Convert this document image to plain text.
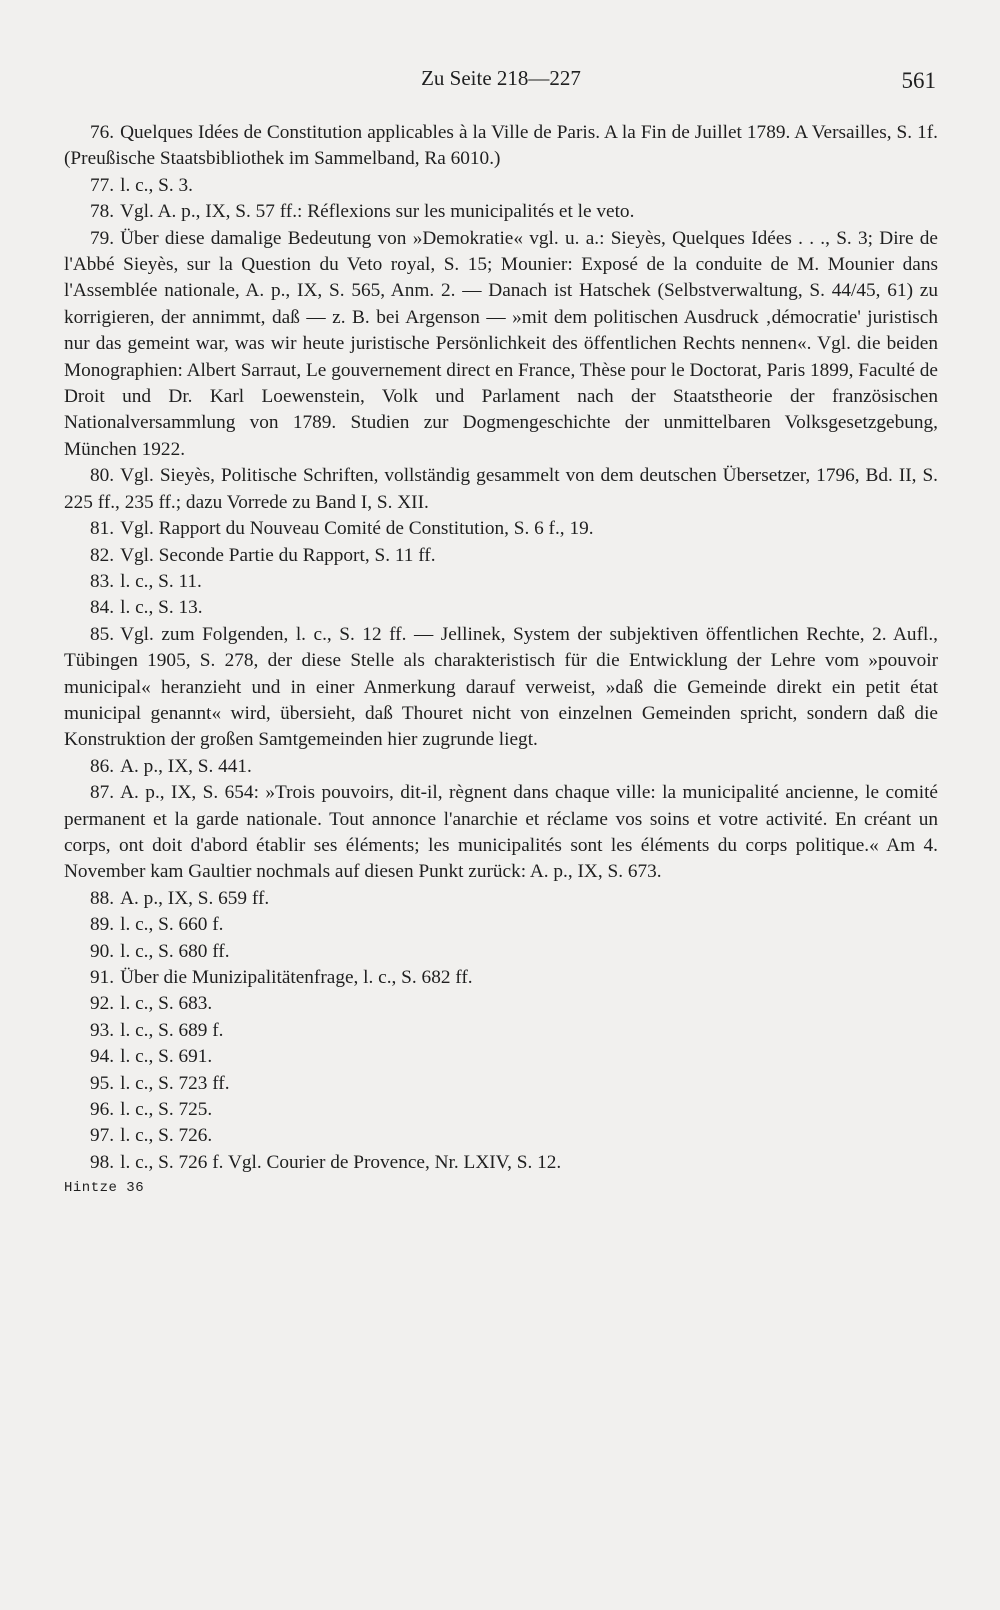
Zu Seite 218—227	561

76. Quelques Idées de Constitution applicables à la Ville de Paris. A la Fin de Juillet 1789. A Versailles, S. 1f. (Preußische Staatsbibliothek im Sammelband, Ra 6010.)

77. l. c., S. 3.

78. Vgl. A. p., IX, S. 57 ff.: Réflexions sur les municipalités et le veto.

79. Über diese damalige Bedeutung von »Demokratie« vgl. u. a.: Sieyès, Quelques Idées . . ., S. 3; Dire de l'Abbé Sieyès, sur la Question du Veto royal, S. 15; Mounier: Exposé de la conduite de M. Mounier dans l'Assemblée nationale, A. p., IX, S. 565, Anm. 2. — Danach ist Hatschek (Selbstverwaltung, S. 44/45, 61) zu korrigieren, der annimmt, daß — z. B. bei Argenson — »mit dem politischen Ausdruck ‚démocratie' juristisch nur das gemeint war, was wir heute juristische Persönlichkeit des öffentlichen Rechts nennen«. Vgl. die beiden Monographien: Albert Sarraut, Le gouvernement direct en France, Thèse pour le Doctorat, Paris 1899, Faculté de Droit und Dr. Karl Loewenstein, Volk und Parlament nach der Staatstheorie der französischen Nationalversammlung von 1789. Studien zur Dogmengeschichte der unmittelbaren Volksgesetzgebung, München 1922.

80. Vgl. Sieyès, Politische Schriften, vollständig gesammelt von dem deutschen Übersetzer, 1796, Bd. II, S. 225 ff., 235 ff.; dazu Vorrede zu Band I, S. XII.

81. Vgl. Rapport du Nouveau Comité de Constitution, S. 6 f., 19.

82. Vgl. Seconde Partie du Rapport, S. 11 ff.

83. l. c., S. 11.

84. l. c., S. 13.

85. Vgl. zum Folgenden, l. c., S. 12 ff. — Jellinek, System der subjektiven öffentlichen Rechte, 2. Aufl., Tübingen 1905, S. 278, der diese Stelle als charakteristisch für die Entwicklung der Lehre vom »pouvoir municipal« heranzieht und in einer Anmerkung darauf verweist, »daß die Gemeinde direkt ein petit état municipal genannt« wird, übersieht, daß Thouret nicht von einzelnen Gemeinden spricht, sondern daß die Konstruktion der großen Samtgemeinden hier zugrunde liegt.

86. A. p., IX, S. 441.

87. A. p., IX, S. 654: »Trois pouvoirs, dit-il, règnent dans chaque ville: la municipalité ancienne, le comité permanent et la garde nationale. Tout annonce l'anarchie et réclame vos soins et votre activité. En créant un corps, ont doit d'abord établir ses éléments; les municipalités sont les éléments du corps politique.« Am 4. November kam Gaultier nochmals auf diesen Punkt zurück: A. p., IX, S. 673.

88. A. p., IX, S. 659 ff.

89. l. c., S. 660 f.

90. l. c., S. 680 ff.

91. Über die Munizipalitätenfrage, l. c., S. 682 ff.

92. l. c., S. 683.

93. l. c., S. 689 f.

94. l. c., S. 691.

95. l. c., S. 723 ff.

96. l. c., S. 725.

97. l. c., S. 726.

98. l. c., S. 726 f. Vgl. Courier de Provence, Nr. LXIV, S. 12.

Hintze 36
